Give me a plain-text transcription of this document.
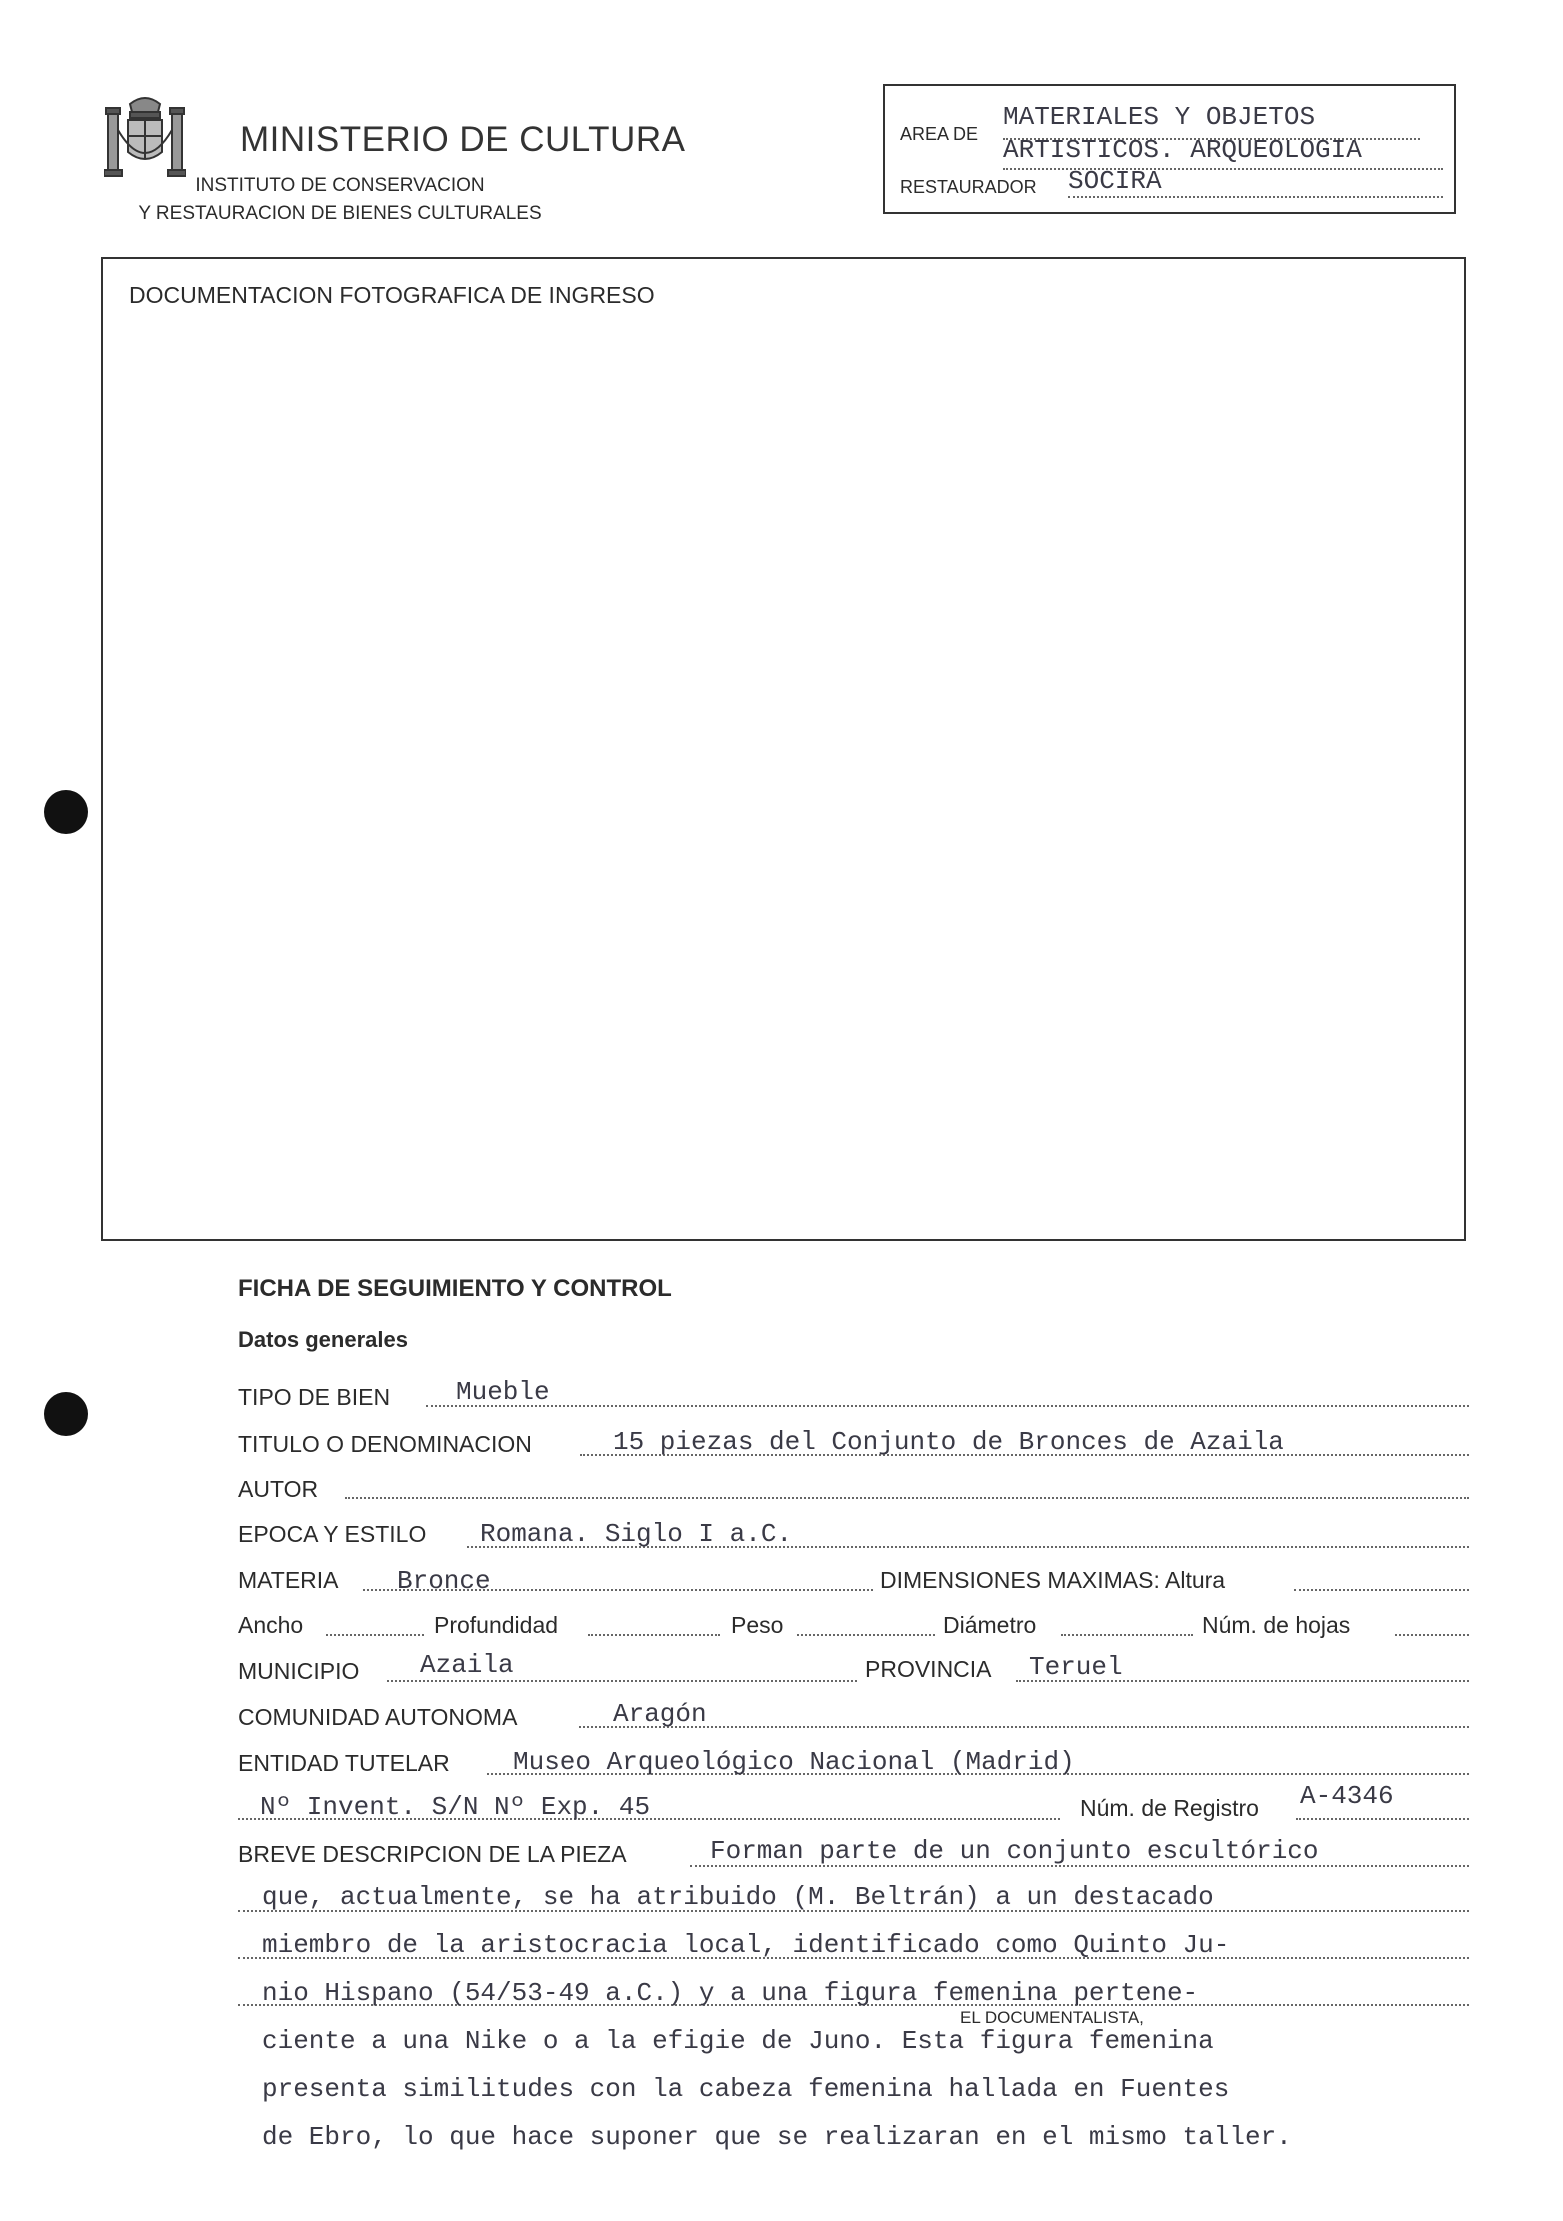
MINISTERIO DE CULTURA
INSTITUTO DE CONSERVACION
Y RESTAURACION DE BIENES CULTURALES
AREA DE
MATERIALES Y OBJETOS
ARTISTICOS. ARQUEOLOGIA
RESTAURADOR SOCIRA
DOCUMENTACION FOTOGRAFICA DE INGRESO
FICHA DE SEGUIMIENTO Y CONTROL
Datos generales
TIPO DE BIEN	Mueble
TITULO O DENOMINACION	15 piezas del Conjunto de Bronces de Azaila
AUTOR
EPOCA Y ESTILO Romana. Siglo I a.C.
MATERIA Bronce	DIMENSIONES MAXIMAS: Altura
Ancho	Profundidad	Peso	Diámetro	Núm. de hojas
MUNICIPIO Azaila	PROVINCIA Teruel
COMUNIDAD AUTONOMA	Aragón
ENTIDAD TUTELAR Museo Arqueológico Nacional (Madrid)
Nº Invent. S/N Nº Exp. 45	Núm. de Registro A-4346
BREVE DESCRIPCION DE LA PIEZA	Forman parte de un conjunto escultórico
que, actualmente, se ha atribuido (M. Beltrán) a un destacado
miembro de la aristocracia local, identificado como Quinto Ju-
nio Hispano (54/53-49 a.C.) y a una figura femenina pertene-
EL DOCUMENTALISTA,
ciente a una Nike o a la efigie de Juno. Esta figura femenina
presenta similitudes con la cabeza femenina hallada en Fuentes
de Ebro, lo que hace suponer que se realizaran en el mismo taller.
